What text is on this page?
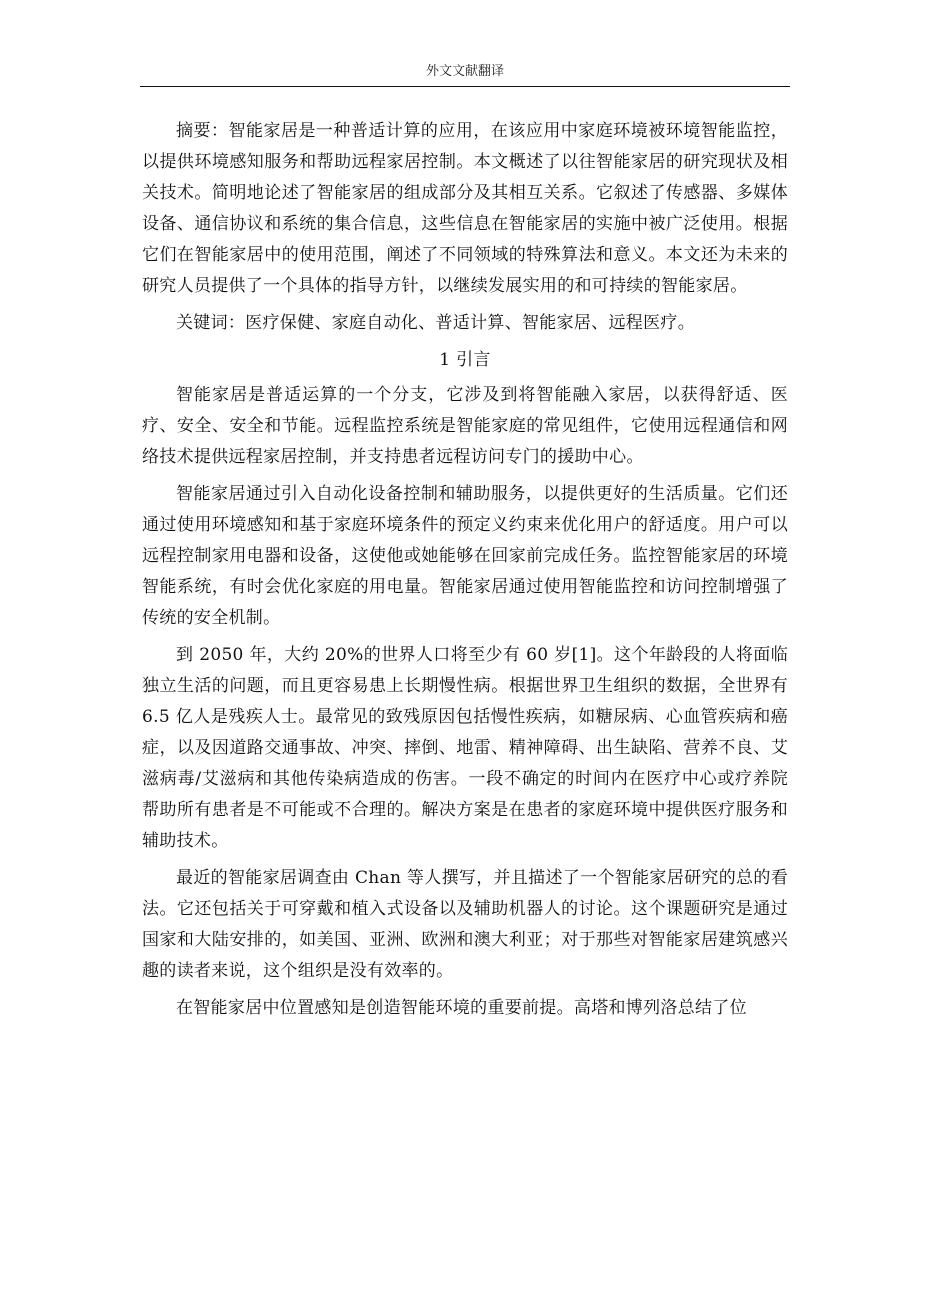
外文文献翻译

摘要：智能家居是一种普适计算的应用，在该应用中家庭环境被环境智能监控，以提供环境感知服务和帮助远程家居控制。本文概述了以往智能家居的研究现状及相关技术。简明地论述了智能家居的组成部分及其相互关系。它叙述了传感器、多媒体设备、通信协议和系统的集合信息，这些信息在智能家居的实施中被广泛使用。根据它们在智能家居中的使用范围，阐述了不同领域的特殊算法和意义。本文还为未来的研究人员提供了一个具体的指导方针，以继续发展实用的和可持续的智能家居。

关键词：医疗保健、家庭自动化、普适计算、智能家居、远程医疗。

1 引言

智能家居是普适运算的一个分支，它涉及到将智能融入家居，以获得舒适、医疗、安全、安全和节能。远程监控系统是智能家庭的常见组件，它使用远程通信和网络技术提供远程家居控制，并支持患者远程访问专门的援助中心。

智能家居通过引入自动化设备控制和辅助服务，以提供更好的生活质量。它们还通过使用环境感知和基于家庭环境条件的预定义约束来优化用户的舒适度。用户可以远程控制家用电器和设备，这使他或她能够在回家前完成任务。监控智能家居的环境智能系统，有时会优化家庭的用电量。智能家居通过使用智能监控和访问控制增强了传统的安全机制。

到 2050 年，大约 20%的世界人口将至少有 60 岁[1]。这个年龄段的人将面临独立生活的问题，而且更容易患上长期慢性病。根据世界卫生组织的数据，全世界有 6.5 亿人是残疾人士。最常见的致残原因包括慢性疾病，如糖尿病、心血管疾病和癌症，以及因道路交通事故、冲突、摔倒、地雷、精神障碍、出生缺陷、营养不良、艾滋病毒/艾滋病和其他传染病造成的伤害。一段不确定的时间内在医疗中心或疗养院帮助所有患者是不可能或不合理的。解决方案是在患者的家庭环境中提供医疗服务和辅助技术。

最近的智能家居调查由 Chan 等人撰写，并且描述了一个智能家居研究的总的看法。它还包括关于可穿戴和植入式设备以及辅助机器人的讨论。这个课题研究是通过国家和大陆安排的，如美国、亚洲、欧洲和澳大利亚；对于那些对智能家居建筑感兴趣的读者来说，这个组织是没有效率的。

在智能家居中位置感知是创造智能环境的重要前提。高塔和博列洛总结了位
